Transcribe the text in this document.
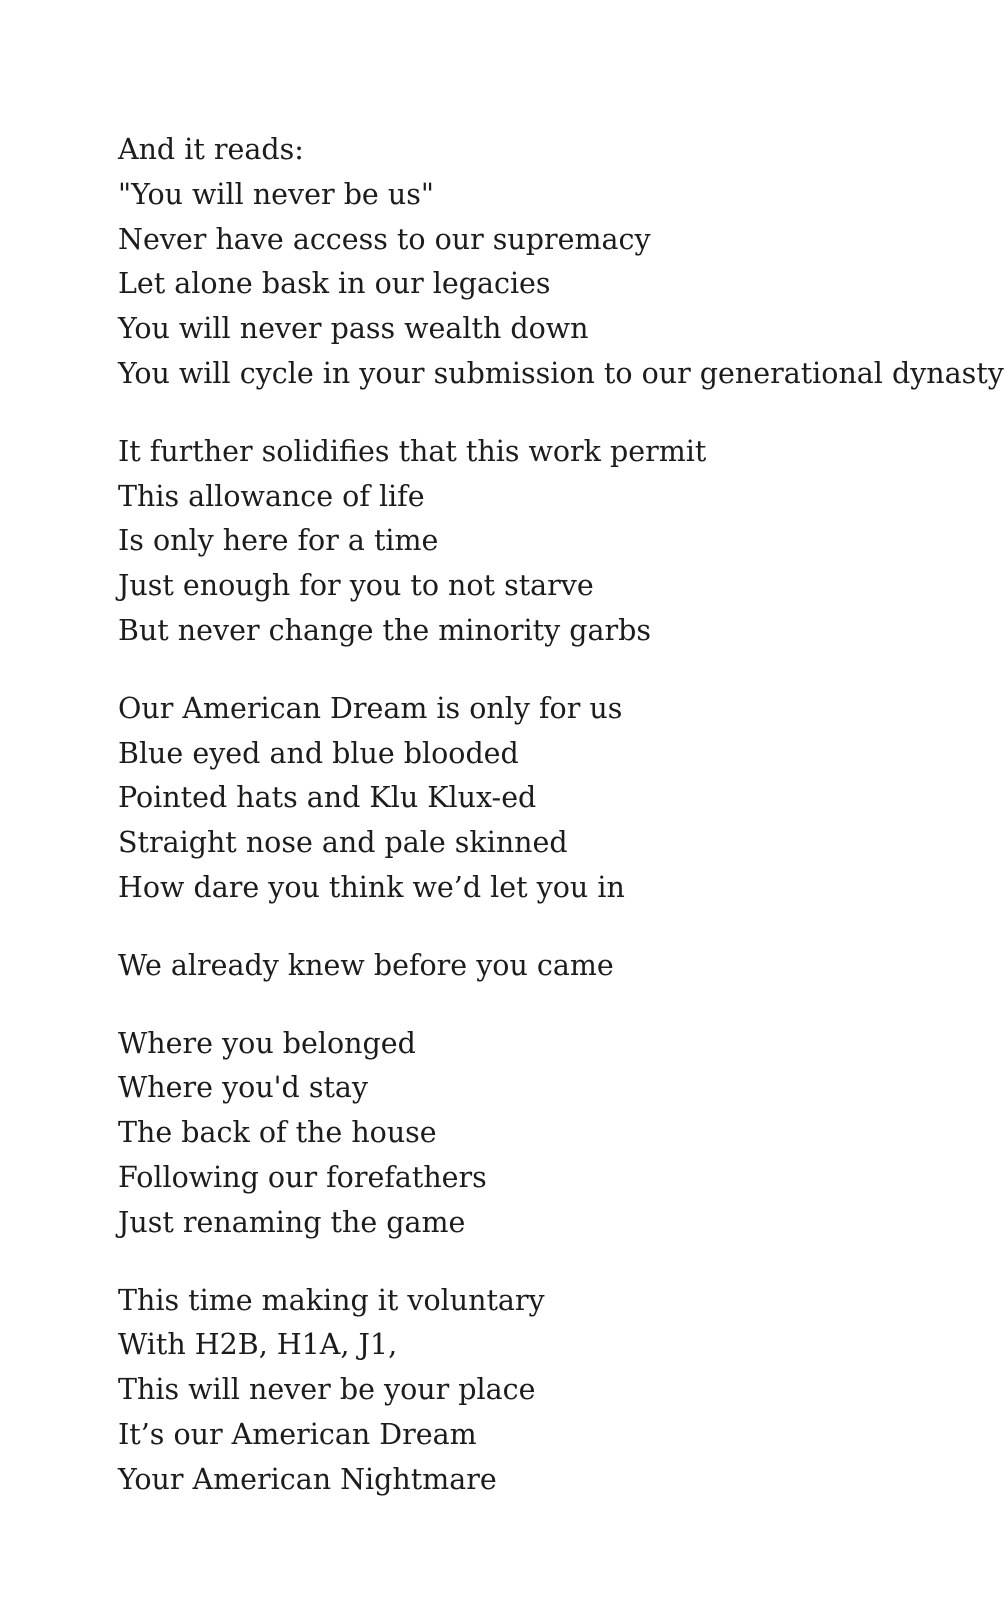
And it reads:
"You will never be us"
Never have access to our supremacy
Let alone bask in our legacies
You will never pass wealth down
You will cycle in your submission to our generational dynasty
It further solidifies that this work permit
This allowance of life
Is only here for a time
Just enough for you to not starve
But never change the minority garbs
Our American Dream is only for us
Blue eyed and blue blooded
Pointed hats and Klu Klux-ed
Straight nose and pale skinned
How dare you think we’d let you in
We already knew before you came
Where you belonged
Where you'd stay
The back of the house
Following our forefathers
Just renaming the game
This time making it voluntary
With H2B, H1A, J1,
This will never be your place
It’s our American Dream
Your American Nightmare
